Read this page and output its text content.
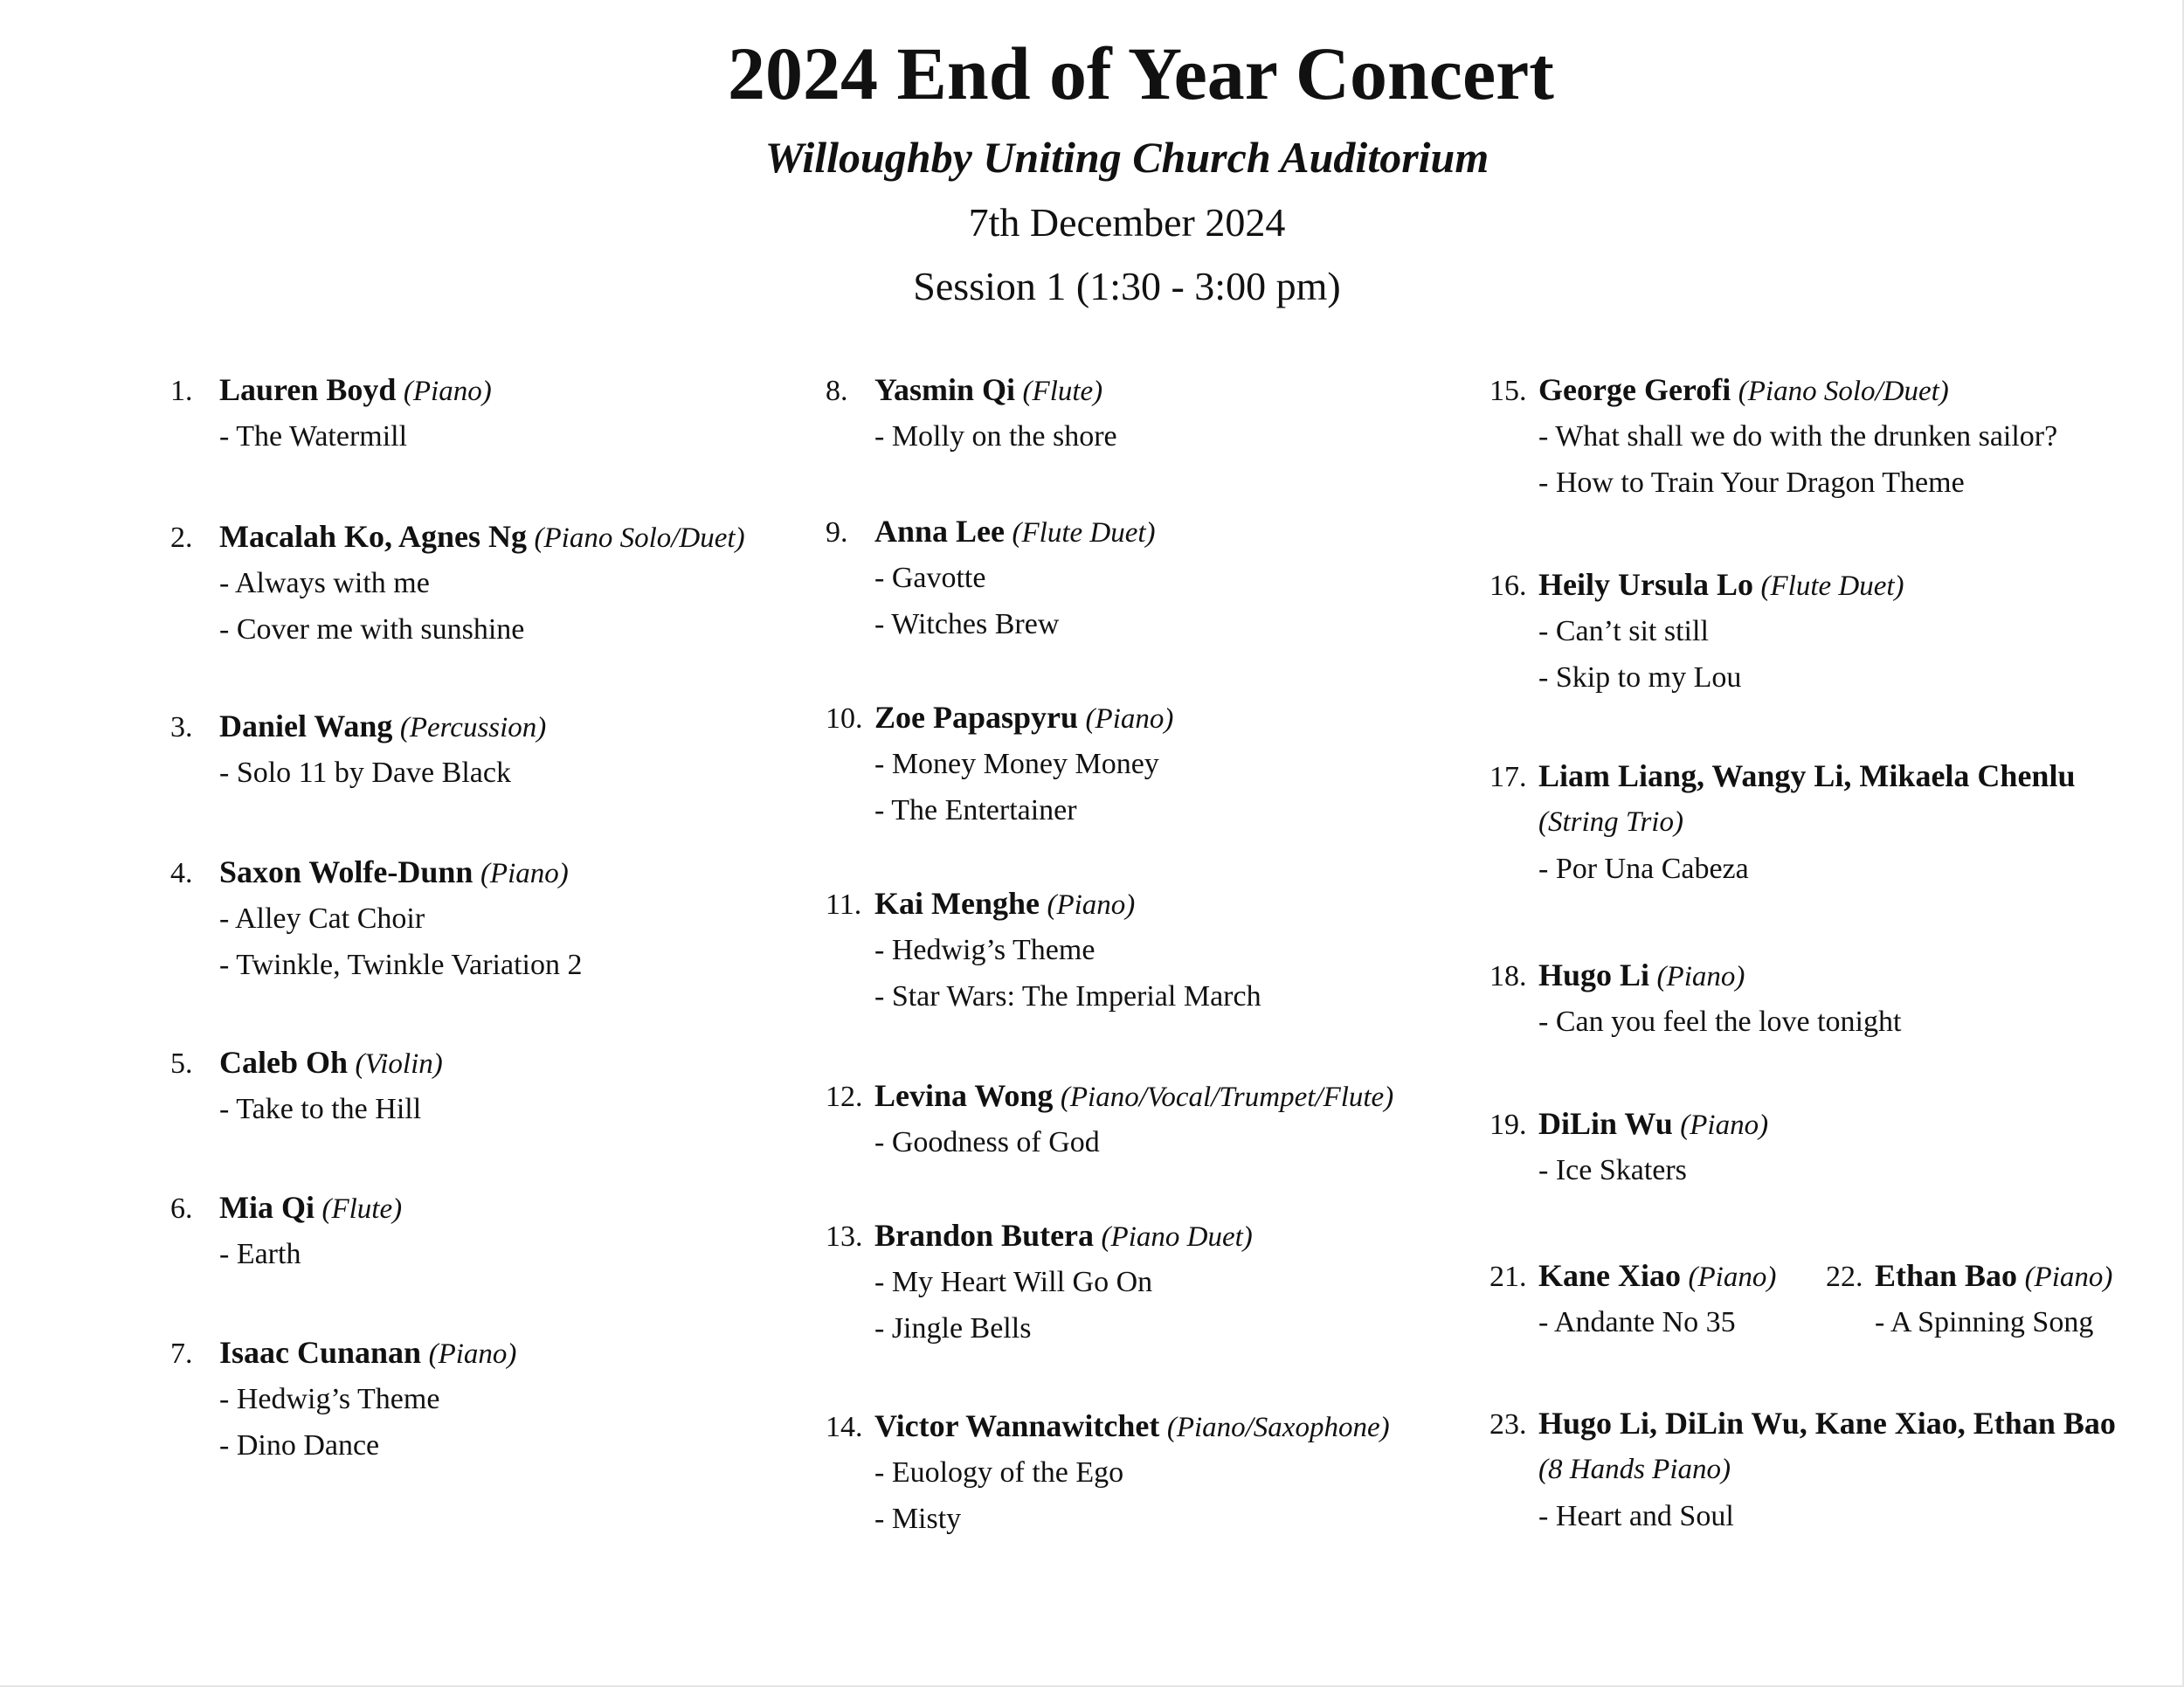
2024 End of Year Concert
Willoughby Uniting Church Auditorium
7th December 2024
Session 1 (1:30 - 3:00 pm)
1. Lauren Boyd (Piano)
- The Watermill
2. Macalah Ko, Agnes Ng (Piano Solo/Duet)
- Always with me
- Cover me with sunshine
3. Daniel Wang (Percussion)
- Solo 11 by Dave Black
4. Saxon Wolfe-Dunn (Piano)
- Alley Cat Choir
- Twinkle, Twinkle Variation 2
5. Caleb Oh (Violin)
- Take to the Hill
6. Mia Qi (Flute)
- Earth
7. Isaac Cunanan (Piano)
- Hedwig’s Theme
- Dino Dance
8. Yasmin Qi (Flute)
- Molly on the shore
9. Anna Lee (Flute Duet)
- Gavotte
- Witches Brew
10. Zoe Papaspyru (Piano)
- Money Money Money
- The Entertainer
11. Kai Menghe (Piano)
- Hedwig’s Theme
- Star Wars: The Imperial March
12. Levina Wong (Piano/Vocal/Trumpet/Flute)
- Goodness of God
13. Brandon Butera (Piano Duet)
- My Heart Will Go On
- Jingle Bells
14. Victor Wannawitchet (Piano/Saxophone)
- Euology of the Ego
- Misty
15. George Gerofi (Piano Solo/Duet)
- What shall we do with the drunken sailor?
- How to Train Your Dragon Theme
16. Heily Ursula Lo (Flute Duet)
- Can’t sit still
- Skip to my Lou
17. Liam Liang, Wangy Li, Mikaela Chenlu
(String Trio)
- Por Una Cabeza
18. Hugo Li (Piano)
- Can you feel the love tonight
19. DiLin Wu (Piano)
- Ice Skaters
21. Kane Xiao (Piano)
- Andante No 35
22. Ethan Bao (Piano)
- A Spinning Song
23. Hugo Li, DiLin Wu, Kane Xiao, Ethan Bao
(8 Hands Piano)
- Heart and Soul
